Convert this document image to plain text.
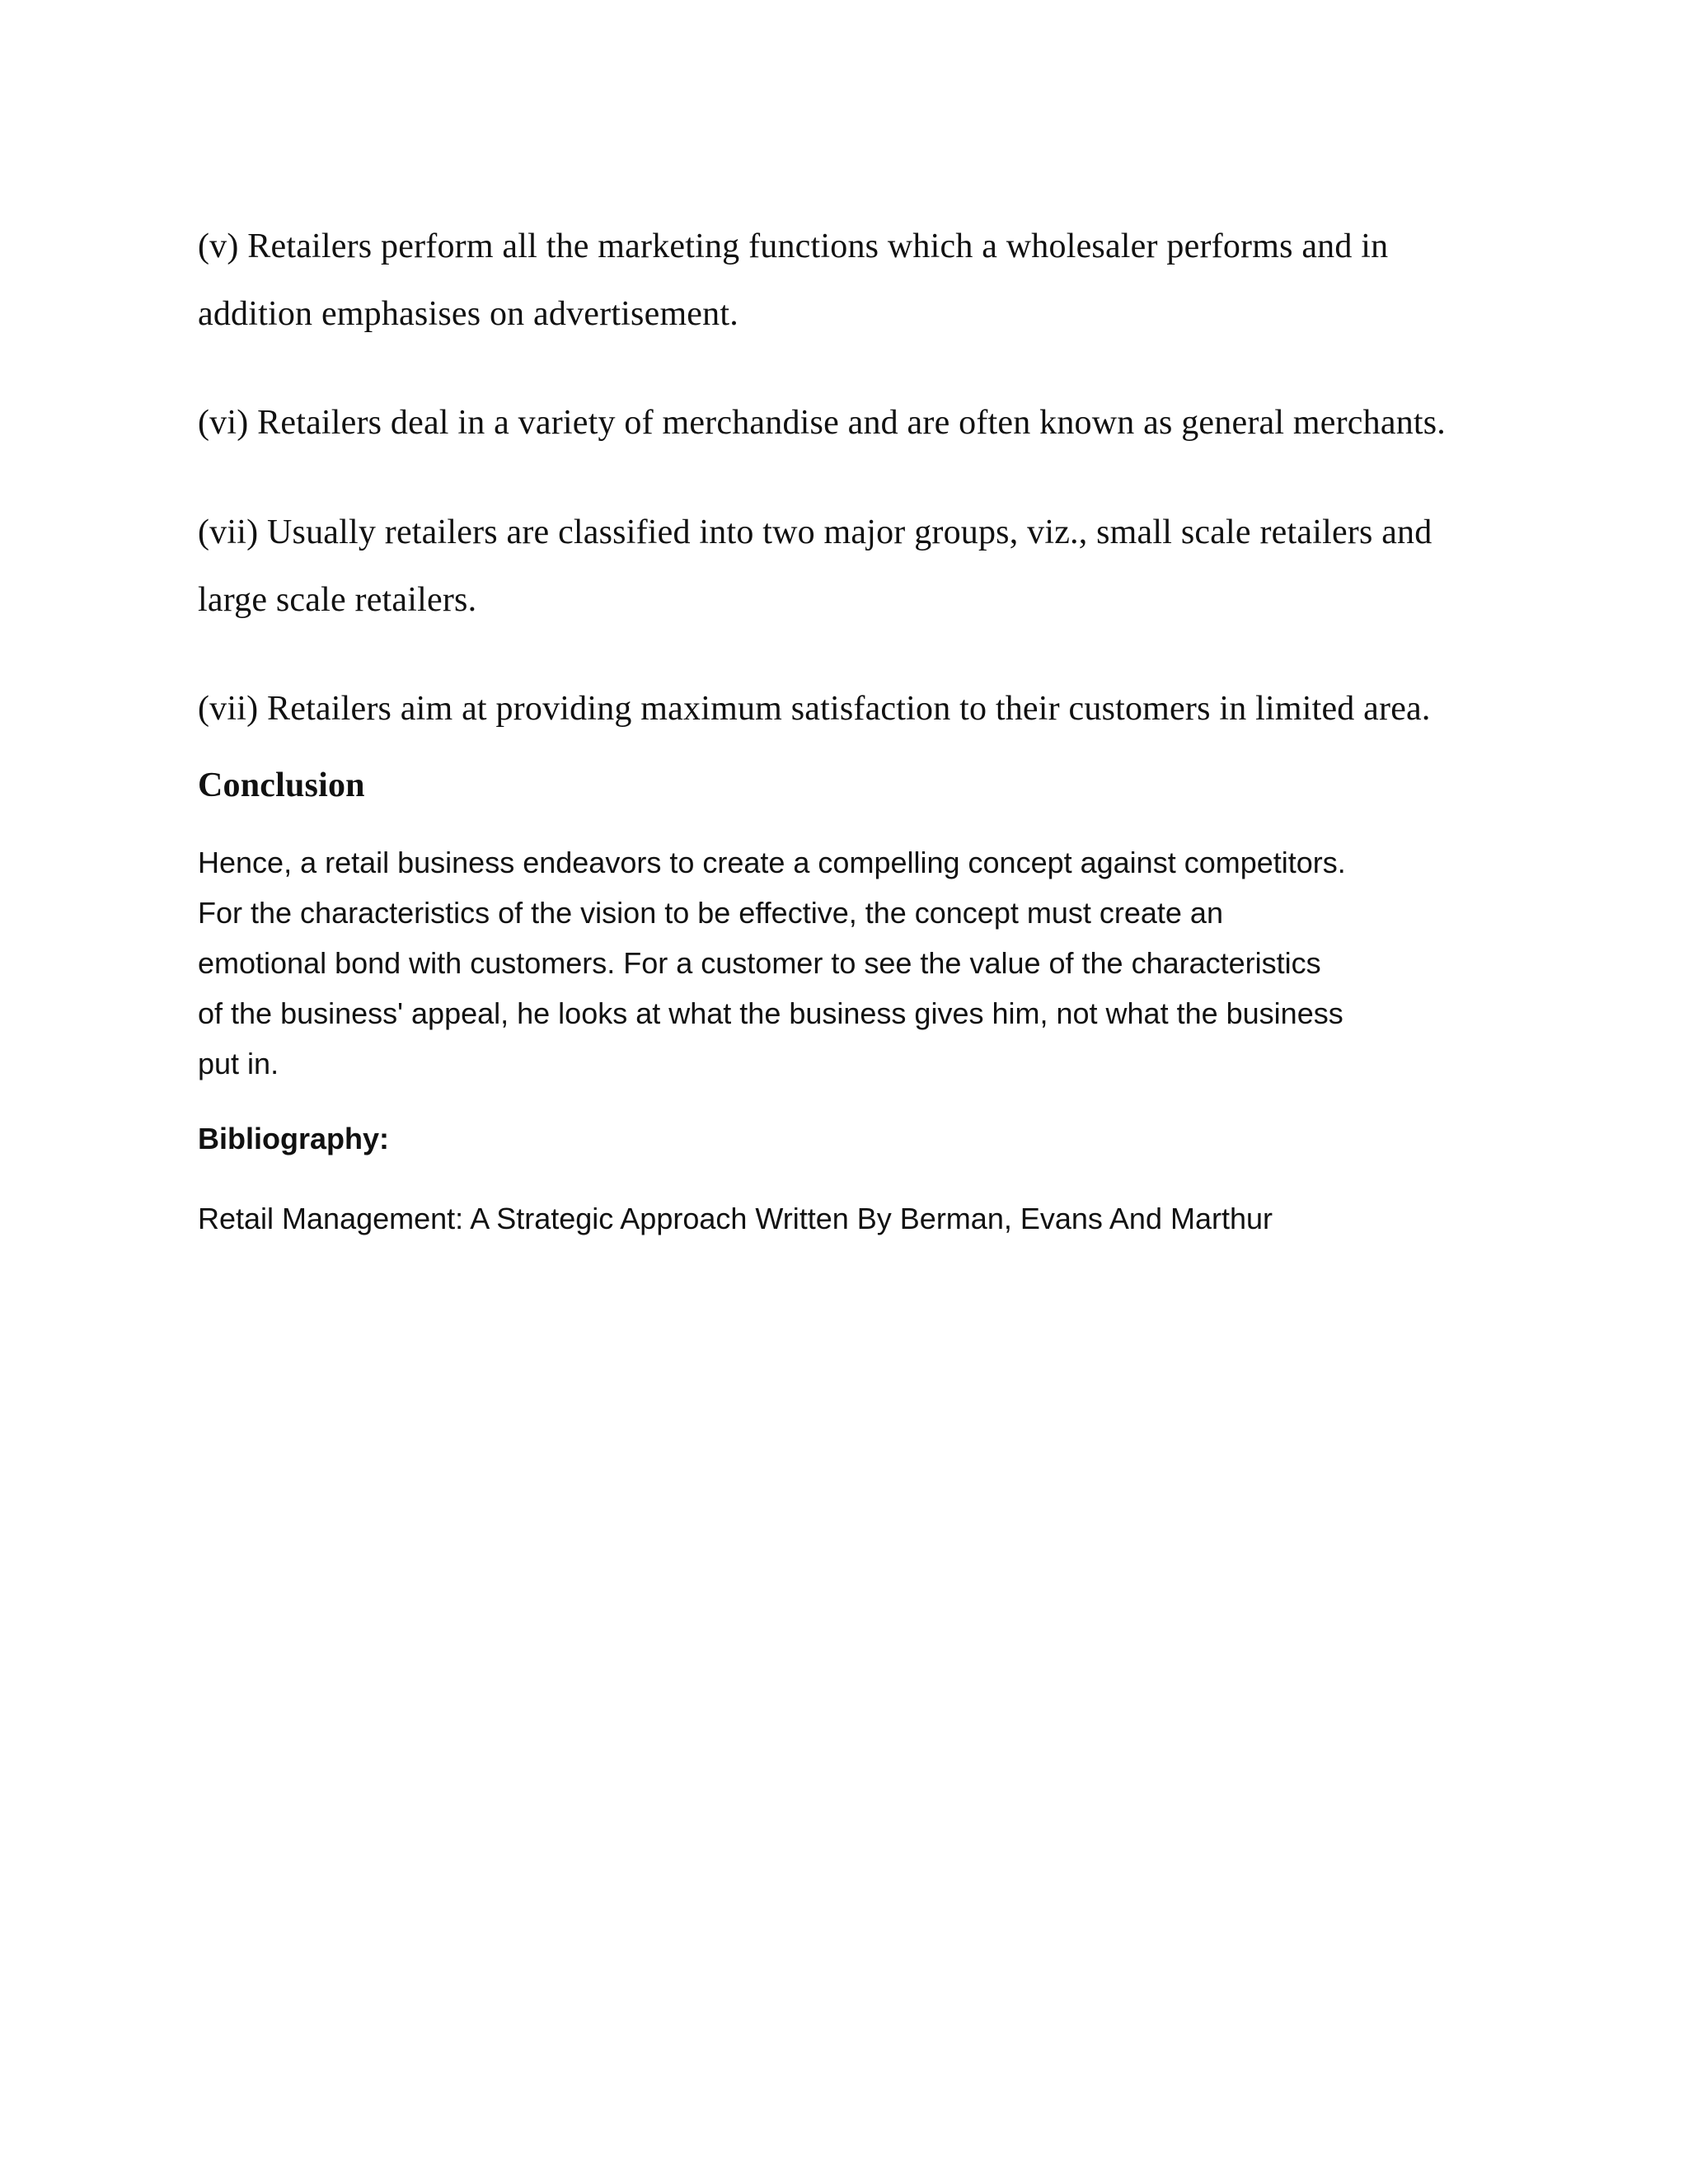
(v) Retailers perform all the marketing functions which a wholesaler performs and in
addition emphasises on advertisement.

(vi) Retailers deal in a variety of merchandise and are often known as general merchants.

(vii) Usually retailers are classified into two major groups, viz., small scale retailers and
large scale retailers.

(vii) Retailers aim at providing maximum satisfaction to their customers in limited area.

Conclusion

Hence, a retail business endeavors to create a compelling concept against competitors.
For the characteristics of the vision to be effective, the concept must create an
emotional bond with customers. For a customer to see the value of the characteristics
of the business' appeal, he looks at what the business gives him, not what the business
put in.

Bibliography:

Retail Management: A Strategic Approach Written By Berman, Evans And Marthur
